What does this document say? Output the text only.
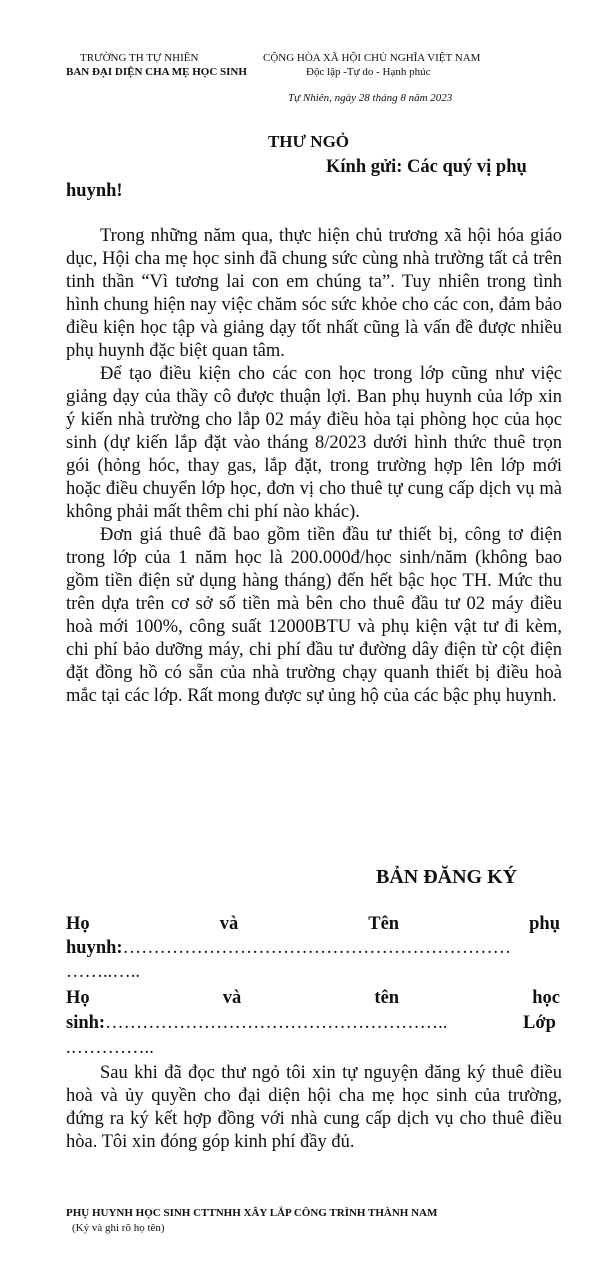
TRƯỜNG TH TỰ NHIÊN
BAN ĐẠI DIỆN CHA MẸ HỌC SINH
CỘNG HÒA XÃ HỘI CHỦ NGHĨA VIỆT NAM
Độc lập -Tự do - Hạnh phúc
Tự Nhiên, ngày 28 tháng 8 năm 2023
THƯ NGỎ
Kính gửi: Các quý vị phụ
huynh!

Trong những năm qua, thực hiện chủ trương xã hội hóa giáo dục, Hội cha mẹ học sinh đã chung sức cùng nhà trường tất cả trên tinh thần “Vì tương lai con em chúng ta”. Tuy nhiên trong tình hình chung hiện nay việc chăm sóc sức khỏe cho các con, đảm bảo điều kiện học tập và giảng dạy tốt nhất cũng là vấn đề được nhiều phụ huynh đặc biệt quan tâm.

Để tạo điều kiện cho các con học trong lớp cũng như việc giảng dạy của thầy cô được thuận lợi. Ban phụ huynh của lớp xin ý kiến nhà trường cho lắp 02 máy điều hòa tại phòng học của học sinh (dự kiến lắp đặt vào tháng 8/2023 dưới hình thức thuê trọn gói (hỏng hóc, thay gas, lắp đặt, trong trường hợp lên lớp mới hoặc điều chuyển lớp học, đơn vị cho thuê tự cung cấp dịch vụ mà không phải mất thêm chi phí nào khác).

Đơn giá thuê đã bao gồm tiền đầu tư thiết bị, công tơ điện trong lớp của 1 năm học là 200.000đ/học sinh/năm (không bao gồm tiền điện sử dụng hàng tháng) đến hết bậc học TH. Mức thu trên dựa trên cơ sở số tiền mà bên cho thuê đầu tư 02 máy điều hoà mới 100%, công suất 12000BTU và phụ kiện vật tư đi kèm, chi phí bảo dưỡng máy, chi phí đầu tư đường dây điện từ cột điện đặt đồng hồ có sẵn của nhà trường chạy quanh thiết bị điều hoà mắc tại các lớp. Rất mong được sự ủng hộ của các bậc phụ huynh.

BẢN ĐĂNG KÝ
Họ	và	Tên	phụ
huynh:………………………………………………………
……..…..
Họ	và	tên	học
sinh:………………………………………………..	Lớp
.…………..

Sau khi đã đọc thư ngỏ tôi xin tự nguyện đăng ký thuê điều hoà và ủy quyền cho đại diện hội cha mẹ học sinh của trường, đứng ra ký kết hợp đồng với nhà cung cấp dịch vụ cho thuê điều hòa. Tôi xin đóng góp kinh phí đầy đủ.

PHỤ HUYNH HỌC SINH CTTNHH XÂY LẮP CÔNG TRÌNH THÀNH NAM
(Ký và ghi rõ họ tên)
